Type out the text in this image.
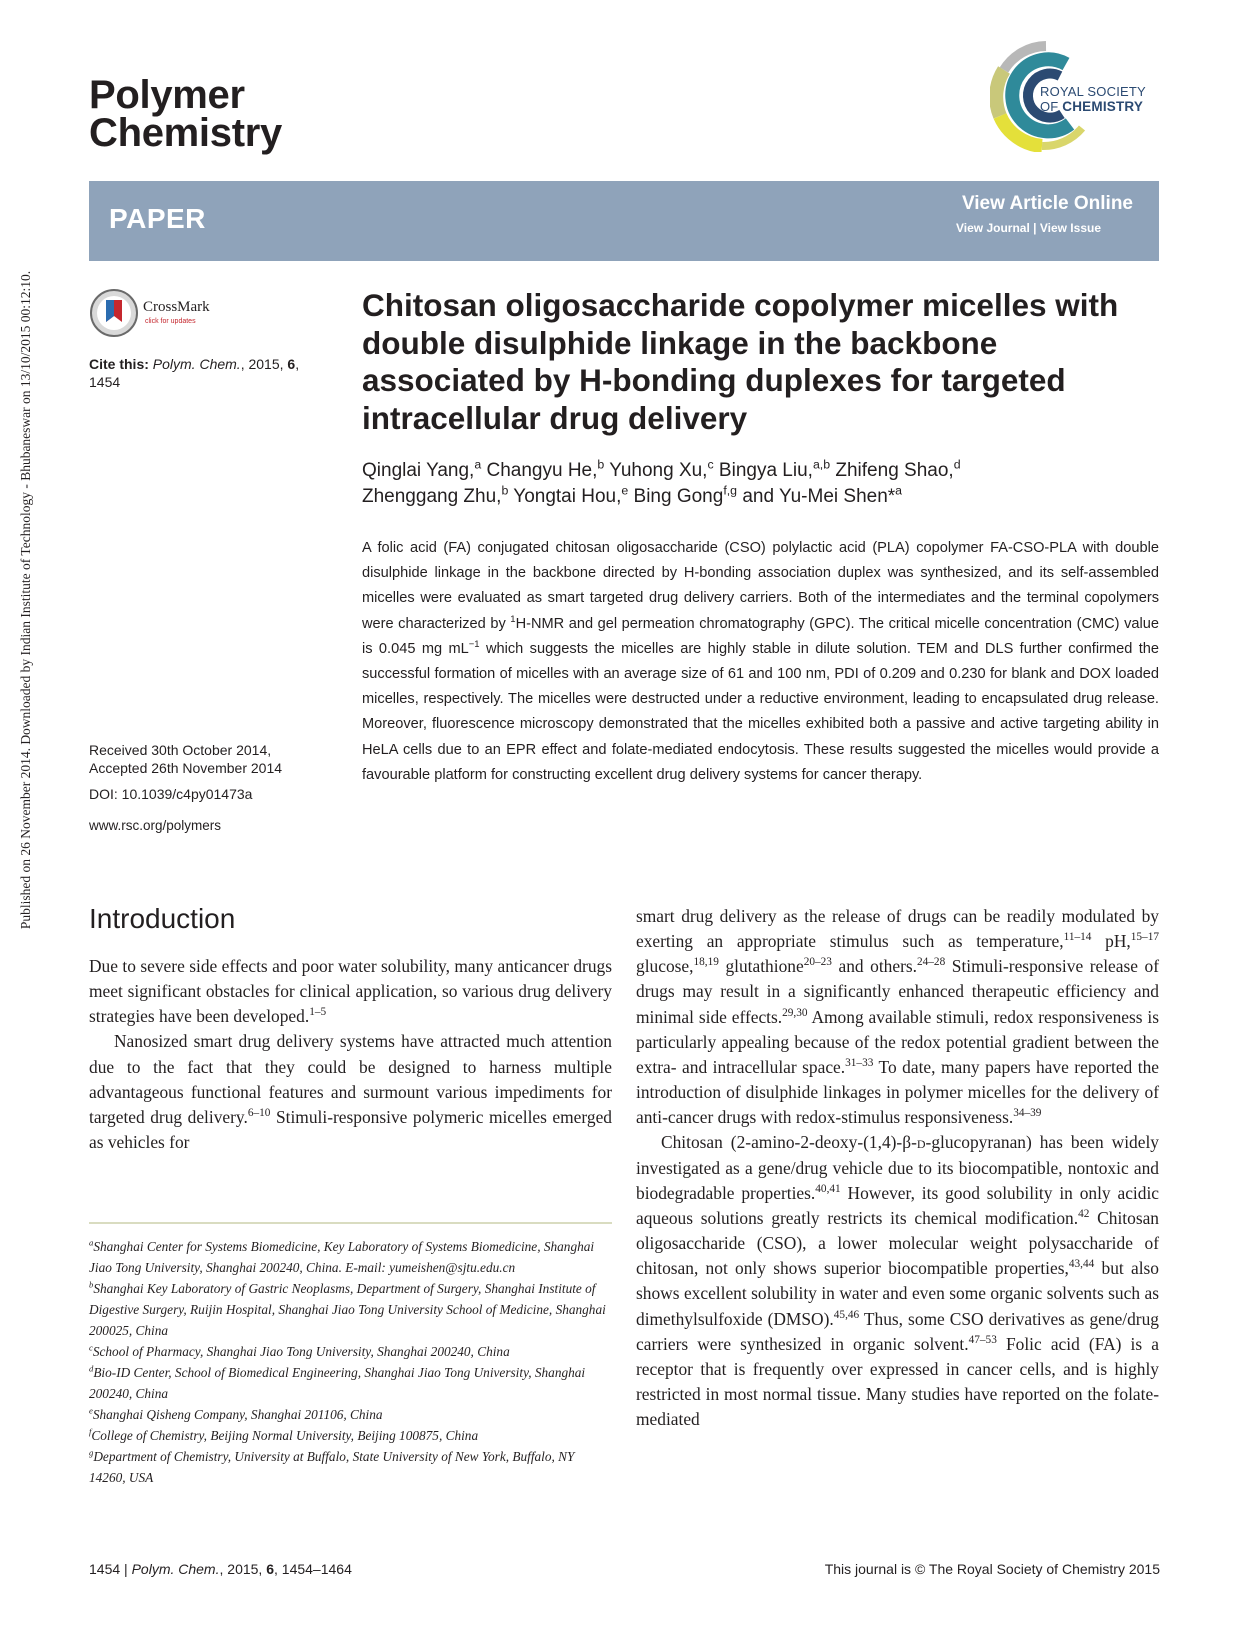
Published on 26 November 2014. Downloaded by Indian Institute of Technology - Bhubaneswar on 13/10/2015 00:12:10.
Polymer
Chemistry
ROYAL SOCIETY
OF CHEMISTRY
PAPER	View Article Online
View Journal | View Issue
CrossMark
click for updates
Cite this: Polym. Chem., 2015, 6, 1454
Chitosan oligosaccharide copolymer micelles with double disulphide linkage in the backbone associated by H-bonding duplexes for targeted intracellular drug delivery
Qinglai Yang,$^a$ Changyu He,$^b$ Yuhong Xu,$^c$ Bingya Liu,$^{a,b}$ Zhifeng Shao,$^d$
Zhenggang Zhu,$^b$ Yongtai Hou,$^e$ Bing Gong$^{f,g}$ and Yu-Mei Shen*$^a$
A folic acid (FA) conjugated chitosan oligosaccharide (CSO) polylactic acid (PLA) copolymer FA-CSO-PLA with double disulphide linkage in the backbone directed by H-bonding association duplex was synthesized, and its self-assembled micelles were evaluated as smart targeted drug delivery carriers. Both of the intermediates and the terminal copolymers were characterized by $^1$H-NMR and gel permeation chromatography (GPC). The critical micelle concentration (CMC) value is 0.045 mg $mL^{-1}$ which suggests the micelles are highly stable in dilute solution. TEM and DLS further confirmed the successful formation of micelles with an average size of 61 and 100 nm, PDI of 0.209 and 0.230 for blank and DOX loaded micelles, respectively. The micelles were destructed under a reductive environment, leading to encapsulated drug release. Moreover, fluorescence microscopy demonstrated that the micelles exhibited both a passive and active targeting ability in HeLA cells due to an EPR effect and folate-mediated endocytosis. These results suggested the micelles would provide a favourable platform for constructing excellent drug delivery systems for cancer therapy.
Received 30th October 2014,
Accepted 26th November 2014
DOI: 10.1039/c4py01473a
www.rsc.org/polymers
Introduction

Due to severe side effects and poor water solubility, many anticancer drugs meet significant obstacles for clinical application, so various drug delivery strategies have been developed.$^{1-5}$

Nanosized smart drug delivery systems have attracted much attention due to the fact that they could be designed to harness multiple advantageous functional features and surmount various impediments for targeted drug delivery.$^{6-10}$ Stimuli-responsive polymeric micelles emerged as vehicles for

smart drug delivery as the release of drugs can be readily modulated by exerting an appropriate stimulus such as temperature,$^{11-14}$ pH,$^{15-17}$ glucose,$^{18,19}$ glutathione$^{20-23}$ and others.$^{24-28}$ Stimuli-responsive release of drugs may result in a significantly enhanced therapeutic efficiency and minimal side effects.$^{29,30}$ Among available stimuli, redox responsiveness is particularly appealing because of the redox potential gradient between the extra- and intracellular space.$^{31-33}$ To date, many papers have reported the introduction of disulphide linkages in polymer micelles for the delivery of anti-cancer drugs with redox-stimulus responsiveness.$^{34-39}$

Chitosan (2-amino-2-deoxy-(1,4)-β-d-glucopyranan) has been widely investigated as a gene/drug vehicle due to its biocompatible, nontoxic and biodegradable properties.$^{40,41}$ However, its good solubility in only acidic aqueous solutions greatly restricts its chemical modification.$^{42}$ Chitosan oligosaccharide (CSO), a lower molecular weight polysaccharide of chitosan, not only shows superior biocompatible properties,$^{43,44}$ but also shows excellent solubility in water and even some organic solvents such as dimethylsulfoxide (DMSO).$^{45,46}$ Thus, some CSO derivatives as gene/drug carriers were synthesized in organic solvent.$^{47-53}$ Folic acid (FA) is a receptor that is frequently over expressed in cancer cells, and is highly restricted in most normal tissue. Many studies have reported on the folate-mediated

$^a$Shanghai Center for Systems Biomedicine, Key Laboratory of Systems Biomedicine, Shanghai Jiao Tong University, Shanghai 200240, China. E-mail: yumeishen@sjtu.edu.cn
$^b$Shanghai Key Laboratory of Gastric Neoplasms, Department of Surgery, Shanghai Institute of Digestive Surgery, Ruijin Hospital, Shanghai Jiao Tong University School of Medicine, Shanghai 200025, China
$^c$School of Pharmacy, Shanghai Jiao Tong University, Shanghai 200240, China
$^d$Bio-ID Center, School of Biomedical Engineering, Shanghai Jiao Tong University, Shanghai 200240, China
$^e$Shanghai Qisheng Company, Shanghai 201106, China
$^f$College of Chemistry, Beijing Normal University, Beijing 100875, China
$^g$Department of Chemistry, University at Buffalo, State University of New York, Buffalo, NY 14260, USA
1454 | Polym. Chem., 2015, 6, 1454–1464	This journal is © The Royal Society of Chemistry 2015
